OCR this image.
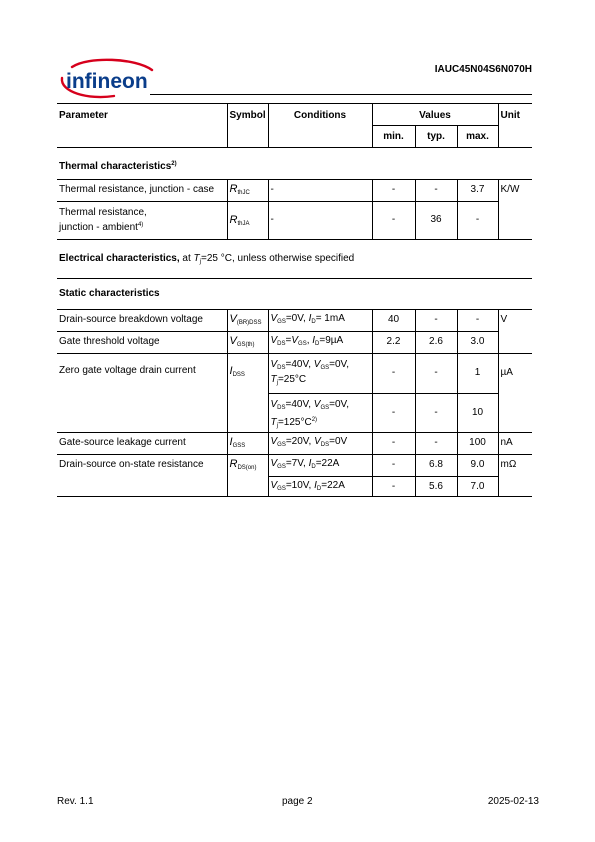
infineon
IAUC45N04S6N070H
Parameter	Symbol	Conditions	Values			Unit
			min.	typ.	max.	
Thermal characteristics$^{2)}$
Thermal resistance, junction - case	$R_{thJC}$	-	-	-	3.7	K/W
Thermal resistance,
junction - ambient$^{4)}$	$R_{thJA}$	-	-	36	-	
Electrical characteristics, at $T_j=25$ °C, unless otherwise specified						
Static characteristics						
Drain-source breakdown voltage	$V_{(BR)DSS}$	$V_{GS}=0V$, $I_D= 1mA$	40	-	-	V
Gate threshold voltage	$V_{GS(th)}$	$V_{DS}=V_{GS}$, $I_D=9\mu A$	2.2	2.6	3.0	
Zero gate voltage drain current	$I_{DSS}$	$V_{DS}=40V$, $V_{GS}=0V$,
$T_j=25^\circ C$	-	-	1	µA
		$V_{DS}=40V$, $V_{GS}=0V$,
$T_j=125^\circ C^{2)}$	-	-	10	
Gate-source leakage current	$I_{GSS}$	$V_{GS}=20V$, $V_{DS}=0V$	-	-	100	nA
Drain-source on-state resistance	$R_{DS(on)}$	$V_{GS}=7V$, $I_D=22A$	-	6.8	9.0	mΩ
		$V_{GS}=10V$, $I_D=22A$	-	5.6	7.0	
Rev. 1.1	page 2	2025-02-13
